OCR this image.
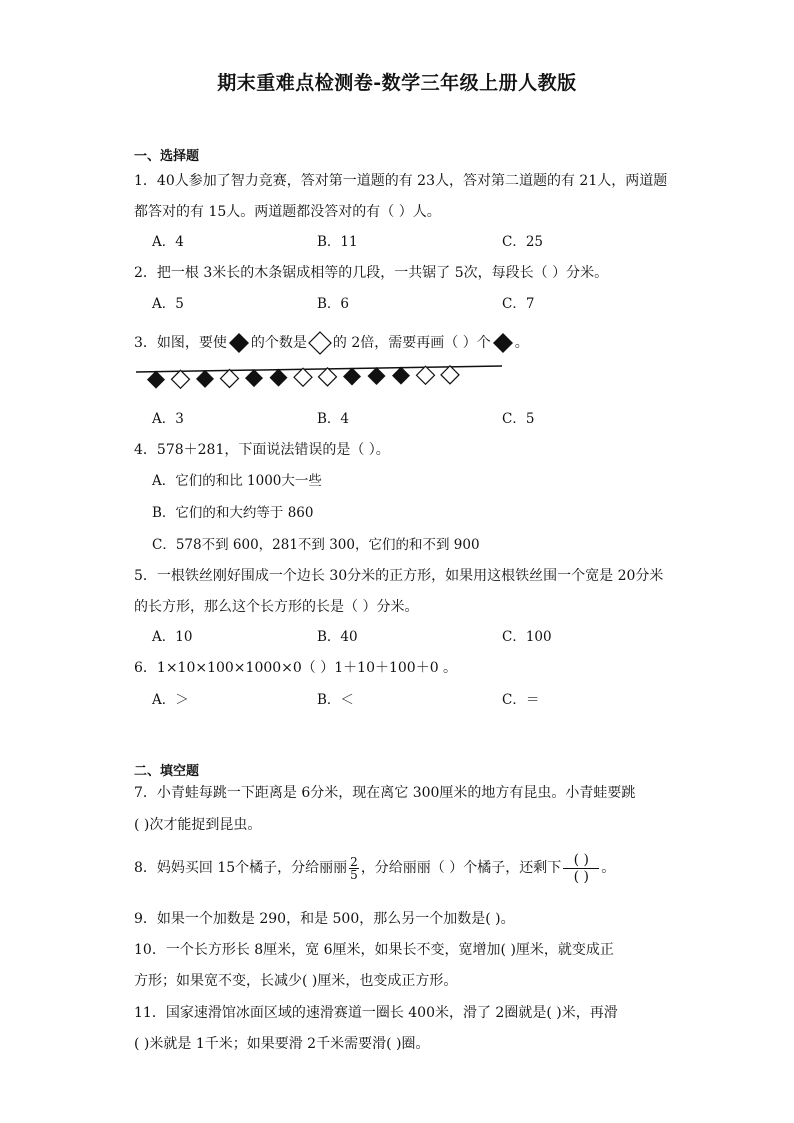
期末重难点检测卷-数学三年级上册人教版
一、选择题
1．40人参加了智力竞赛，答对第一道题的有 23人，答对第二道题的有 21人，两道题
都答对的有 15人。两道题都没答对的有（ ）人。
A．4	B．11	C．25
2．把一根 3米长的木条锯成相等的几段，一共锯了 5次，每段长（ ）分米。
A．5	B．6	C．7
3．如图，要使 的个数是 的 2倍，需要再画（ ）个 。
A．3	B．4	C．5
4．578＋281，下面说法错误的是（ ）。
A．它们的和比 1000大一些
B．它们的和大约等于 860
C．578不到 600，281不到 300，它们的和不到 900
5．一根铁丝刚好围成一个边长 30分米的正方形，如果用这根铁丝围一个宽是 20分米
的长方形，那么这个长方形的长是（ ）分米。
A．10	B．40	C．100
6．1×10×100×1000×0（ ）1＋10＋100＋0 。
A．＞	B．＜	C．＝
二、填空题
7．小青蛙每跳一下距离是 6分米，现在离它 300厘米的地方有昆虫。小青蛙要跳
( )次才能捉到昆虫。
8．妈妈买回 15个橘子，分给丽丽 $\frac{2}{5}$ ，分给丽丽（ ）个橘子，还剩下 $\frac{( )}{( )}$ 。
9．如果一个加数是 290，和是 500，那么另一个加数是( )。
10．一个长方形长 8厘米，宽 6厘米，如果长不变，宽增加( )厘米，就变成正
方形；如果宽不变，长减少( )厘米，也变成正方形。
11．国家速滑馆冰面区域的速滑赛道一圈长 400米，滑了 2圈就是( )米，再滑
( )米就是 1千米；如果要滑 2千米需要滑( )圈。
